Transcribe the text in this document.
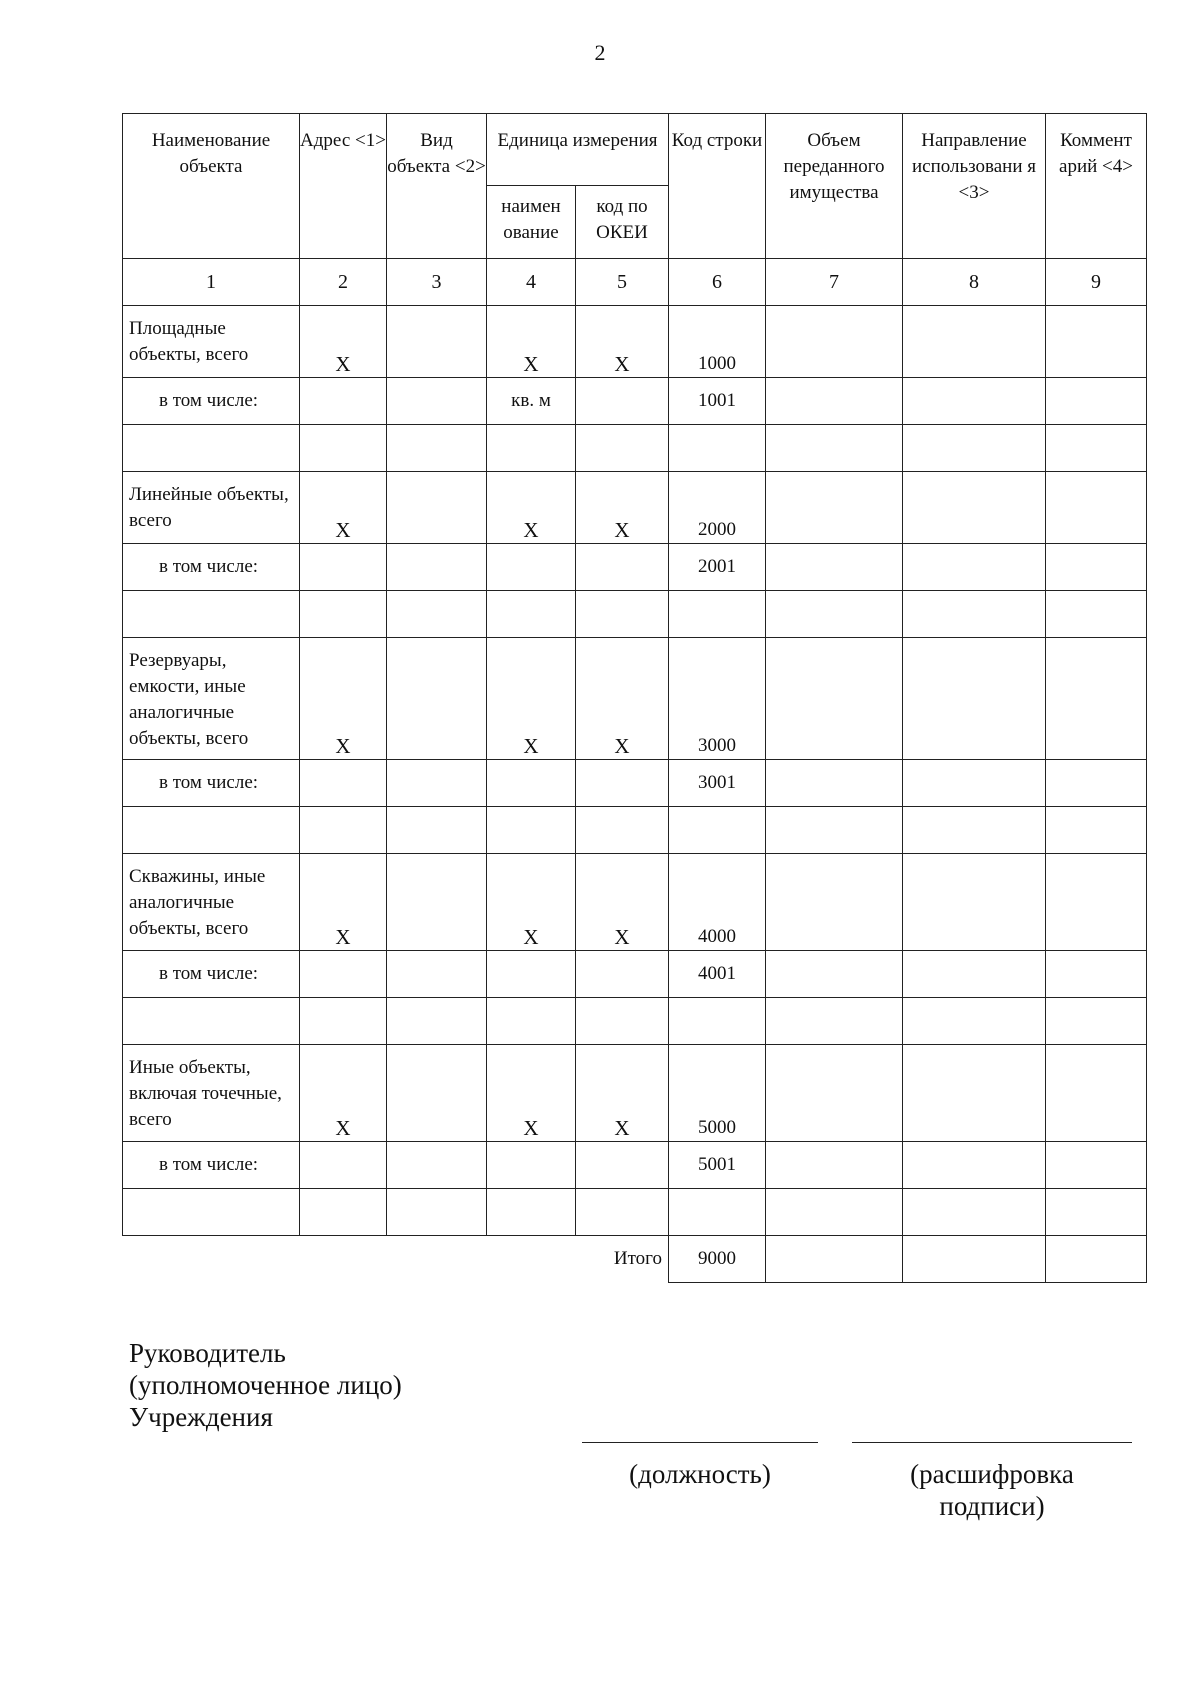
2
Наименование объекта	Адрес <1>	Вид объекта <2>	Единица измерения		Код строки	Объем переданного имущества	Направление использовани я <3>	Коммент арий <4>
			наимен ование	код по ОКЕИ				
1	2	3	4	5	6	7	8	9
Площадные объекты, всего	X		X	X	1000			
в том числе:			кв. м		1001			

Линейные объекты, всего	X		X	X	2000			
в том числе:					2001			

Резервуары, емкости, иные аналогичные объекты, всего	X		X	X	3000			
в том числе:					3001			

Скважины, иные аналогичные объекты, всего	X		X	X	4000			
в том числе:					4001			

Иные объекты, включая точечные, всего	X		X	X	5000			
в том числе:					5001			

Итого					9000			
Руководитель
(уполномоченное лицо)
Учреждения
(должность)	(расшифровка
подписи)
